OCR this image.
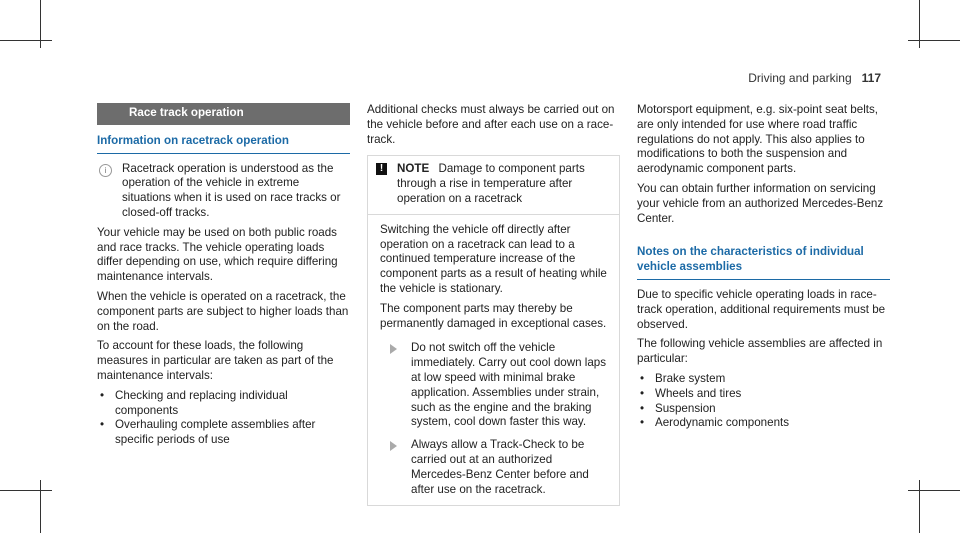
Driving and parking 117
Race track operation
Information on racetrack operation
i	Racetrack operation is understood as the operation of the vehicle in extreme situations when it is used on race tracks or closed-off tracks.

Your vehicle may be used on both public roads and race tracks. The vehicle operating loads differ depending on use, which require differing maintenance intervals.

When the vehicle is operated on a racetrack, the component parts are subject to higher loads than on the road.

To account for these loads, the following measures in particular are taken as part of the maintenance intervals:

• Checking and replacing individual components
• Overhauling complete assemblies after specific periods of use

Additional checks must always be carried out on the vehicle before and after each use on a race-track.

!	NOTE Damage to component parts through a rise in temperature after operation on a racetrack

Switching the vehicle off directly after operation on a racetrack can lead to a continued temperature increase of the component parts as a result of heating while the vehicle is stationary.

The component parts may thereby be permanently damaged in exceptional cases.

Do not switch off the vehicle immediately. Carry out cool down laps at low speed with minimal brake application. Assemblies under strain, such as the engine and the braking system, cool down faster this way.
Always allow a Track-Check to be carried out at an authorized Mercedes-Benz Center before and after use on the racetrack.

Motorsport equipment, e.g. six-point seat belts, are only intended for use where road traffic regulations do not apply. This also applies to modifications to both the suspension and aerodynamic component parts.

You can obtain further information on servicing your vehicle from an authorized Mercedes-Benz Center.

Notes on the characteristics of individual vehicle assemblies

Due to specific vehicle operating loads in race-track operation, additional requirements must be observed.

The following vehicle assemblies are affected in particular:

• Brake system
• Wheels and tires
• Suspension
• Aerodynamic components
